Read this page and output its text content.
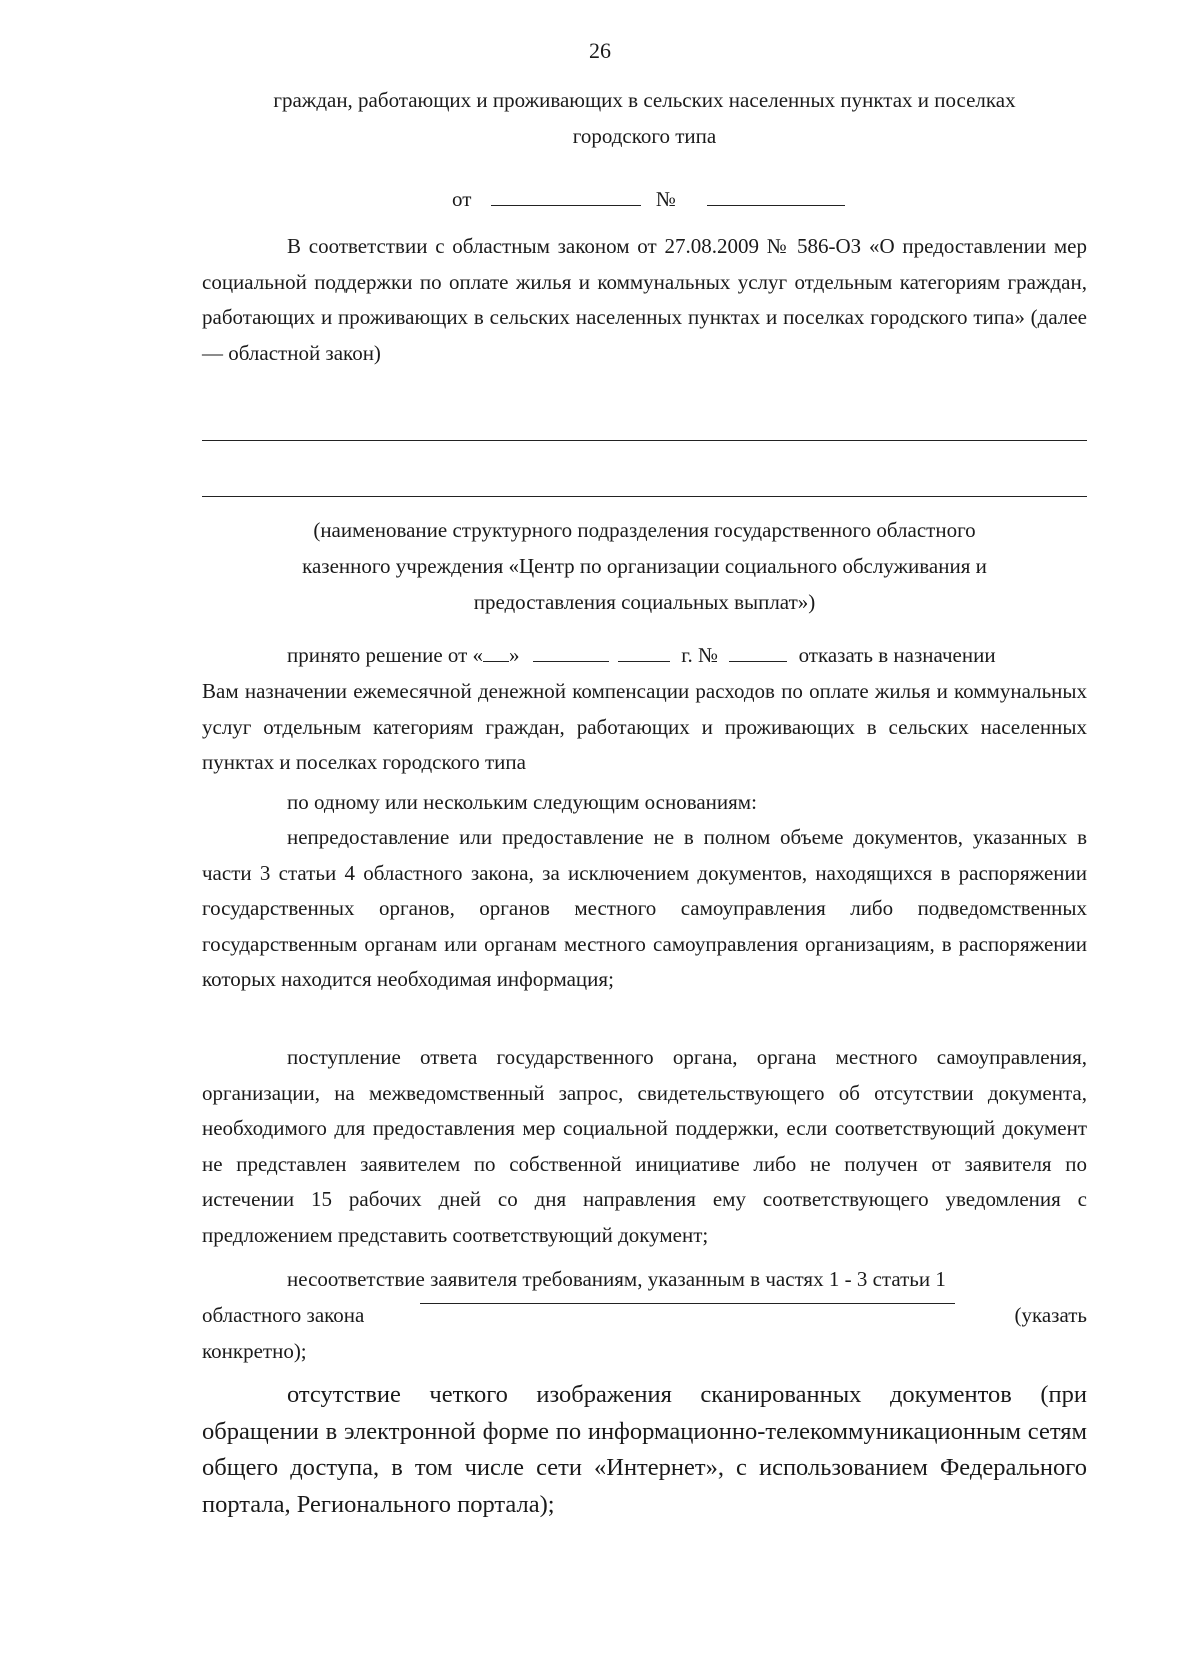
26
граждан, работающих и проживающих в сельских населенных пунктах и поселках
городского типа
от	№

В соответствии с областным законом от 27.08.2009 № 586-ОЗ «О предоставлении мер социальной поддержки по оплате жилья и коммунальных услуг отдельным категориям граждан, работающих и проживающих в сельских населенных пунктах и поселках городского типа» (далее — областной закон)

(наименование структурного подразделения государственного областного
казенного учреждения «Центр по организации социального обслуживания и
предоставления социальных выплат»)
принято решение от « »	г. №	отказать в назначении

Вам назначении ежемесячной денежной компенсации расходов по оплате жилья и коммунальных услуг отдельным категориям граждан, работающих и проживающих в сельских населенных пунктах и поселках городского типа

по одному или нескольким следующим основаниям:

непредоставление или предоставление не в полном объеме документов, указанных в части 3 статьи 4 областного закона, за исключением документов, находящихся в распоряжении государственных органов, органов местного самоуправления либо подведомственных государственным органам или органам местного самоуправления организациям, в распоряжении которых находится необходимая информация;

поступление ответа государственного органа, органа местного самоуправления, организации, на межведомственный запрос, свидетельствующего об отсутствии документа, необходимого для предоставления мер социальной поддержки, если соответствующий документ не представлен заявителем по собственной инициативе либо не получен от заявителя по истечении 15 рабочих дней со дня направления ему соответствующего уведомления с предложением представить соответствующий документ;

несоответствие заявителя требованиям, указанным в частях 1 - 3 статьи 1

областного закона	(указать
конкретно);

отсутствие четкого изображения сканированных документов (при обращении в электронной форме по информационно-телекоммуникационным сетям общего доступа, в том числе сети «Интернет», с использованием Федерального портала, Регионального портала);
